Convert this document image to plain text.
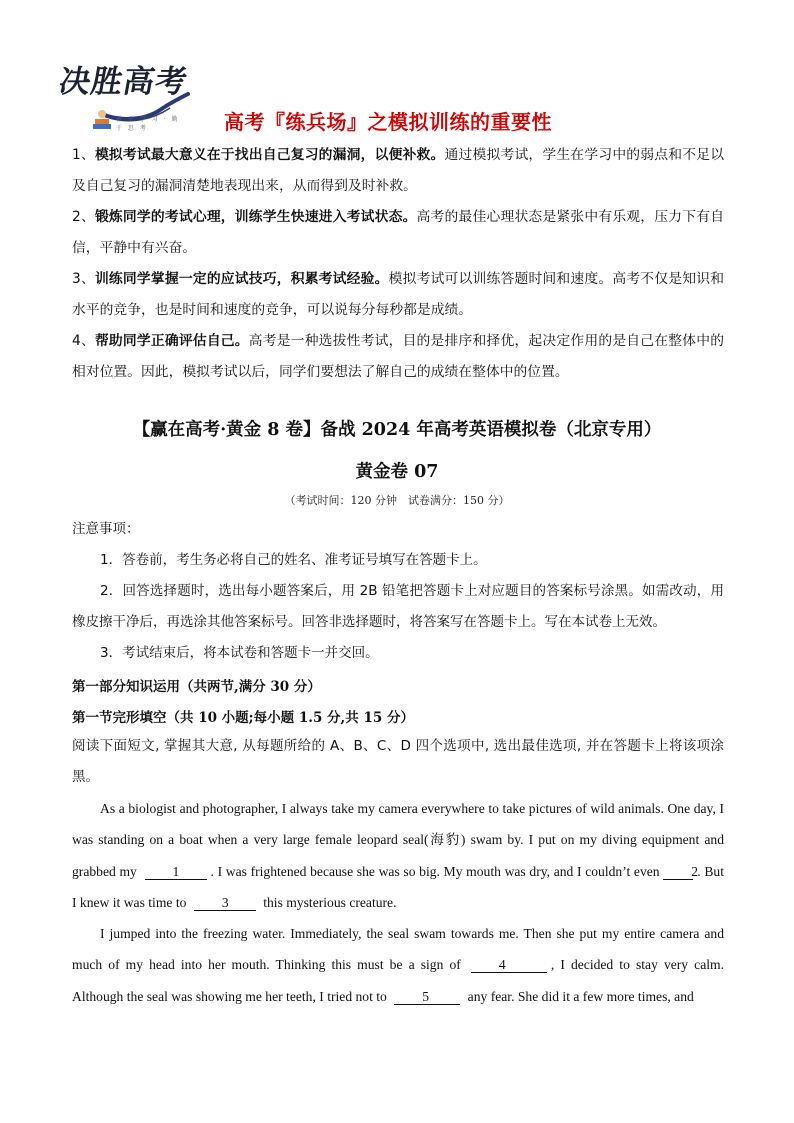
决胜高考
善 于 学 习 · 勤 于 思 考	高考『练兵场』之模拟训练的重要性
1、模拟考试最大意义在于找出自己复习的漏洞，以便补救。通过模拟考试，学生在学习中的弱点和不足以及自己复习的漏洞清楚地表现出来，从而得到及时补救。
2、锻炼同学的考试心理，训练学生快速进入考试状态。高考的最佳心理状态是紧张中有乐观，压力下有自信，平静中有兴奋。
3、训练同学掌握一定的应试技巧，积累考试经验。模拟考试可以训练答题时间和速度。高考不仅是知识和水平的竞争，也是时间和速度的竞争，可以说每分每秒都是成绩。
4、帮助同学正确评估自己。高考是一种选拔性考试，目的是排序和择优，起决定作用的是自己在整体中的相对位置。因此，模拟考试以后，同学们要想法了解自己的成绩在整体中的位置。
【赢在高考·黄金 8 卷】备战 2024 年高考英语模拟卷（北京专用）
黄金卷 07
（考试时间：120 分钟　试卷满分：150 分）
注意事项：
1．答卷前，考生务必将自己的姓名、准考证号填写在答题卡上。
2．回答选择题时，选出每小题答案后，用 2B 铅笔把答题卡上对应题目的答案标号涂黑。如需改动，用橡皮擦干净后，再选涂其他答案标号。回答非选择题时，将答案写在答题卡上。写在本试卷上无效。
3．考试结束后，将本试卷和答题卡一并交回。
第一部分知识运用（共两节,满分 30 分）
第一节完形填空（共 10 小题;每小题 1.5 分,共 15 分）
阅读下面短文, 掌握其大意, 从每题所给的 A、B、C、D 四个选项中, 选出最佳选项, 并在答题卡上将该项涂黑。
As a biologist and photographer, I always take my camera everywhere to take pictures of wild animals. One day, I was standing on a boat when a very large female leopard seal(海豹) swam by. I put on my diving equipment and grabbed my	1 . I was frightened because she was so big. My mouth was dry, and I couldn’t even 2. But I knew it was time to	3	this mysterious creature.
I jumped into the freezing water. Immediately, the seal swam towards me. Then she put my entire camera and much of my head into her mouth. Thinking this must be a sign of	4	, I decided to stay very calm. Although the seal was showing me her teeth, I tried not to	5	any fear. She did it a few more times, and
